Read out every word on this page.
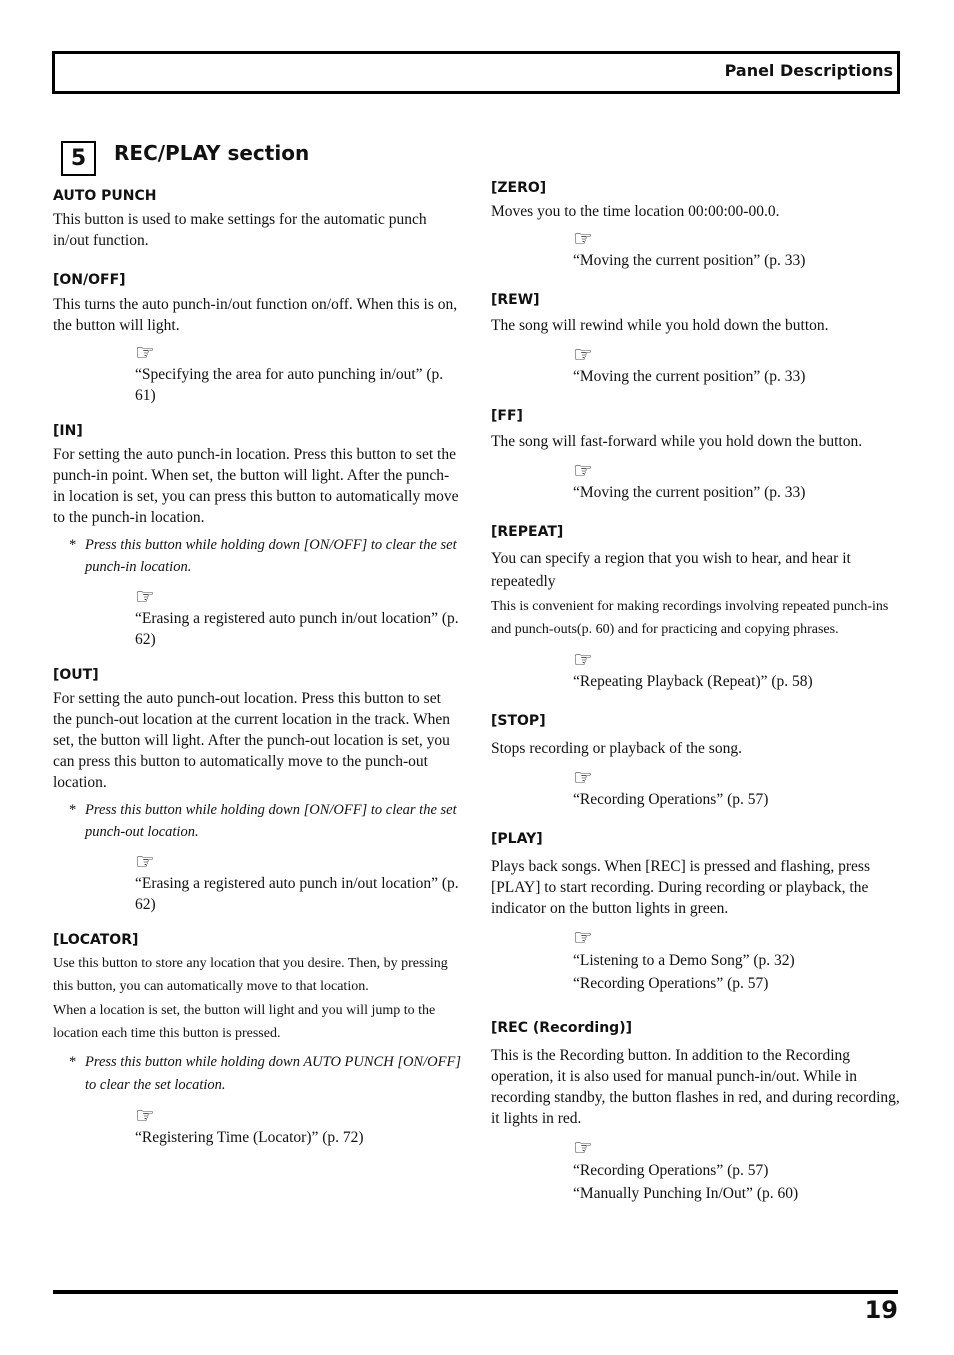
Panel Descriptions
5	REC/PLAY section
AUTO PUNCH
This button is used to make settings for the automatic punch in/out function.
[ON/OFF]
This turns the auto punch-in/out function on/off. When this is on, the button will light.
☞
“Specifying the area for auto punching in/out” (p. 61)
[IN]
For setting the auto punch-in location. Press this button to set the punch-in point. When set, the button will light. After the punch-in location is set, you can press this button to automatically move to the punch-in location.
* Press this button while holding down [ON/OFF] to clear the set punch-in location.
☞
“Erasing a registered auto punch in/out location” (p. 62)
[OUT]
For setting the auto punch-out location. Press this button to set the punch-out location at the current location in the track. When set, the button will light. After the punch-out location is set, you can press this button to automatically move to the punch-out location.
* Press this button while holding down [ON/OFF] to clear the set punch-out location.
☞
“Erasing a registered auto punch in/out location” (p. 62)
[LOCATOR]
Use this button to store any location that you desire. Then, by pressing this button, you can automatically move to that location.
When a location is set, the button will light and you will jump to the location each time this button is pressed.
* Press this button while holding down AUTO PUNCH [ON/OFF] to clear the set location.
☞
“Registering Time (Locator)” (p. 72)
[ZERO]
Moves you to the time location 00:00:00-00.0.
☞
“Moving the current position” (p. 33)
[REW]
The song will rewind while you hold down the button.
☞
“Moving the current position” (p. 33)
[FF]
The song will fast-forward while you hold down the button.
☞
“Moving the current position” (p. 33)
[REPEAT]
You can specify a region that you wish to hear, and hear it repeatedly
This is convenient for making recordings involving repeated punch-ins and punch-outs(p. 60) and for practicing and copying phrases.
☞
“Repeating Playback (Repeat)” (p. 58)
[STOP]
Stops recording or playback of the song.
☞
“Recording Operations” (p. 57)
[PLAY]
Plays back songs. When [REC] is pressed and flashing, press [PLAY] to start recording. During recording or playback, the indicator on the button lights in green.
☞
“Listening to a Demo Song” (p. 32)
“Recording Operations” (p. 57)
[REC (Recording)]
This is the Recording button. In addition to the Recording operation, it is also used for manual punch-in/out. While in recording standby, the button flashes in red, and during recording, it lights in red.
☞
“Recording Operations” (p. 57)
“Manually Punching In/Out” (p. 60)
19
